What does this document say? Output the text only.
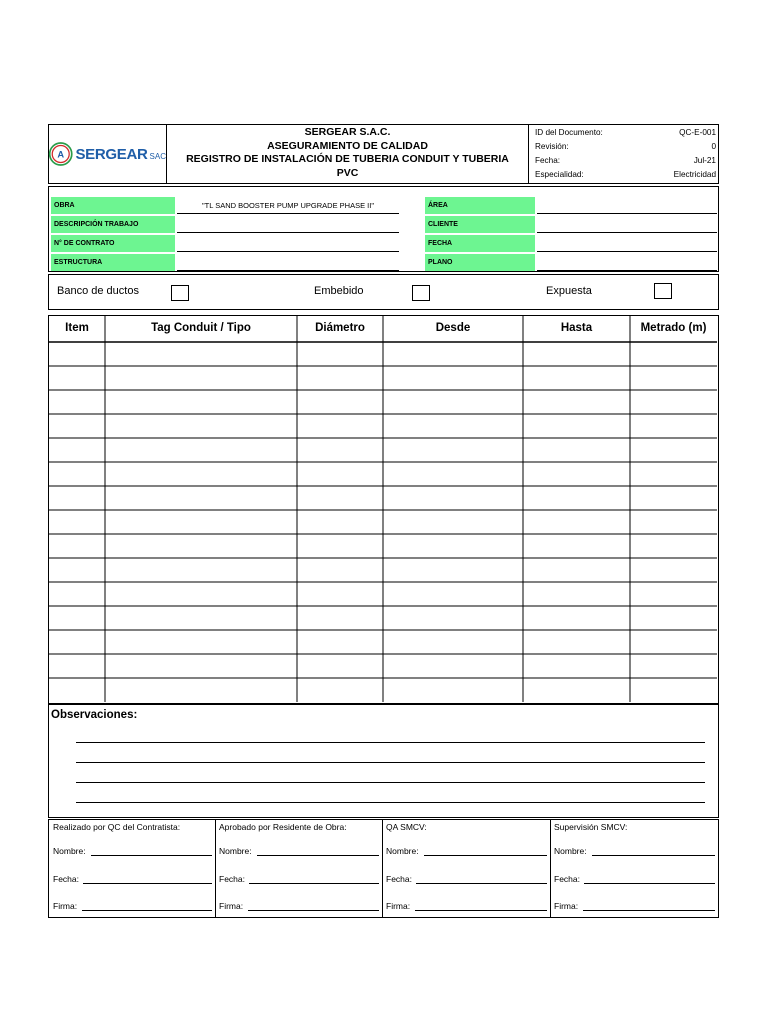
A SERGEAR SAC
SERGEAR S.A.C.
ASEGURAMIENTO DE CALIDAD
REGISTRO DE INSTALACIÓN DE TUBERIA CONDUIT Y TUBERIA
PVC
ID del Documento:	QC-E-001
Revisión:	0
Fecha:	Jul-21
Especialidad:	Electricidad
OBRA	"TL SAND BOOSTER PUMP UPGRADE PHASE II"
DESCRIPCIÓN TRABAJO
N° DE CONTRATO
ESTRUCTURA
ÁREA
CLIENTE
FECHA
PLANO
Banco de ductos	Embebido	Expuesta
Item	Tag Conduit / Tipo	Diámetro	Desde	Hasta	Metrado (m)
Observaciones:
Realizado por QC del Contratista:
Nombre:
Fecha:
Firma:
Aprobado por Residente de Obra:
Nombre:
Fecha:
Firma:
QA SMCV:
Nombre:
Fecha:
Firma:
Supervisión SMCV:
Nombre:
Fecha:
Firma:
